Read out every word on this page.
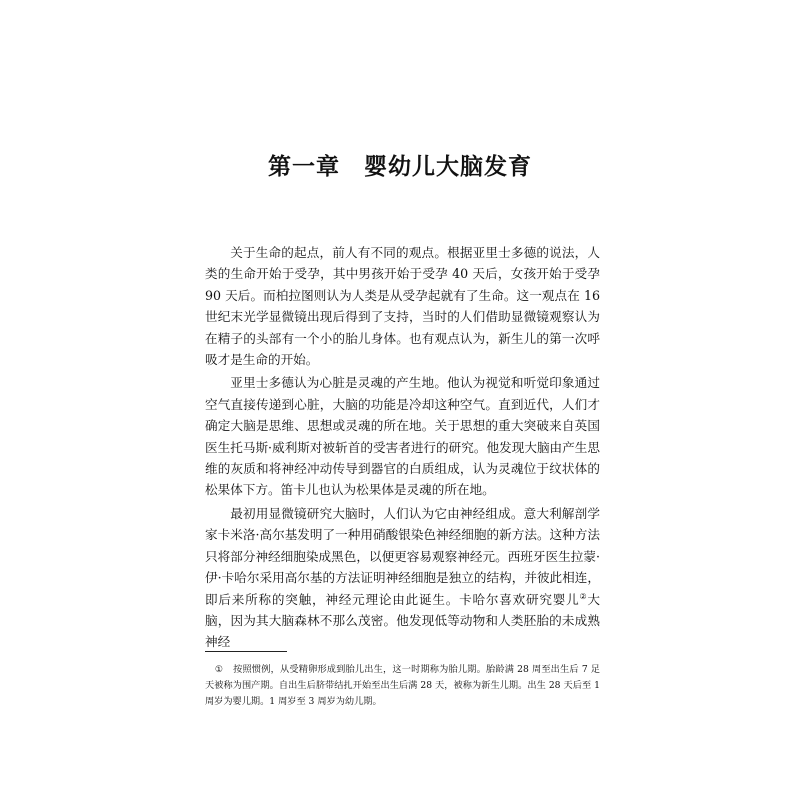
第一章　婴幼儿大脑发育

关于生命的起点，前人有不同的观点。根据亚里士多德的说法，人类的生命开始于受孕，其中男孩开始于受孕 40 天后，女孩开始于受孕 90 天后。而柏拉图则认为人类是从受孕起就有了生命。这一观点在 16 世纪末光学显微镜出现后得到了支持，当时的人们借助显微镜观察认为在精子的头部有一个小的胎儿身体。也有观点认为，新生儿的第一次呼吸才是生命的开始。

亚里士多德认为心脏是灵魂的产生地。他认为视觉和听觉印象通过空气直接传递到心脏，大脑的功能是冷却这种空气。直到近代，人们才确定大脑是思维、思想或灵魂的所在地。关于思想的重大突破来自英国医生托马斯·威利斯对被斩首的受害者进行的研究。他发现大脑由产生思维的灰质和将神经冲动传导到器官的白质组成，认为灵魂位于纹状体的松果体下方。笛卡儿也认为松果体是灵魂的所在地。

最初用显微镜研究大脑时，人们认为它由神经组成。意大利解剖学家卡米洛·高尔基发明了一种用硝酸银染色神经细胞的新方法。这种方法只将部分神经细胞染成黑色，以便更容易观察神经元。西班牙医生拉蒙·伊·卡哈尔采用高尔基的方法证明神经细胞是独立的结构，并彼此相连，即后来所称的突触，神经元理论由此诞生。卡哈尔喜欢研究婴儿②大脑，因为其大脑森林不那么茂密。他发现低等动物和人类胚胎的未成熟神经

① 按照惯例，从受精卵形成到胎儿出生，这一时期称为胎儿期。胎龄满 28 周至出生后 7 足天被称为围产期。自出生后脐带结扎开始至出生后满 28 天，被称为新生儿期。出生 28 天后至 1 周岁为婴儿期。1 周岁至 3 周岁为幼儿期。
